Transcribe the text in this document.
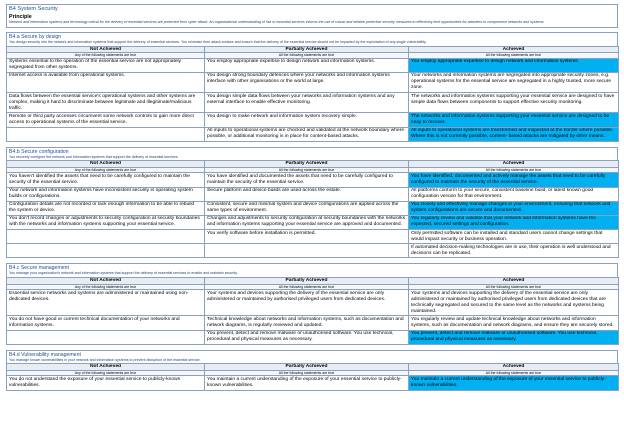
B4 System Security
Principle
Network and information systems and technology critical for the delivery of essential services are protected from cyber attack. An organisational understanding of risk to essential services informs the use of robust and reliable protective security measures to effectively limit opportunities for attackers to compromise networks and systems.
B4.a Secure by design
You design security into the network and information systems that support the delivery of essential services. You minimise their attack surface and ensure that the delivery of the essential service should not be impacted by the exploitation of any single vulnerability.
Not Achieved	Partially Achieved	Achieved
Any of the following statements are true	All the following statements are true	All the following statements are true
Systems essential to the operation of the essential service are not appropriately segregated from other systems.	You employ appropriate expertise to design network and information systems.	You employ appropriate expertise to design network and information systems.
Internet access is available from operational systems.	You design strong boundary defences where your networks and information systems interface with other organisations or the world at large.	Your networks and information systems are segregated into appropriate security zones, e.g. operational systems for the essential service are segregated in a highly trusted, more secure zone.
Data flows between the essential service's operational systems and other systems are complex, making it hard to discriminate between legitimate and illegitimate/malicious traffic.	You design simple data flows between your networks and information systems and any external interface to enable effective monitoring.	The networks and information systems supporting your essential service are designed to have simple data flows between components to support effective security monitoring.
Remote or third party accesses circumvent some network controls to gain more direct access to operational systems of the essential service.	You design to make network and information system recovery simple.	The networks and information systems supporting your essential service are designed to be easy to recover.
	All inputs to operational systems are checked and validated at the network boundary where possible, or additional monitoring is in place for content-based attacks.	All inputs to operational systems are transformed and inspected at the border where possible. Where this is not currently possible, content- based attacks are mitigated by other means.
B4.b Secure configuration
You securely configure the network and information systems that support the delivery of essential services.
Not Achieved	Partially Achieved	Achieved
Any of the following statements are true	All the following statements are true	All the following statements are true
You haven't identified the assets that need to be carefully configured to maintain the security of the essential service.	You have identified and documented the assets that need to be carefully configured to maintain the security of the essential service.	You have identified, documented and actively manage the assets that need to be carefully configured to maintain the security of the essential service.
Your network and information systems have inconsistent security in operating system builds or configurations.	Secure platform and device builds are used across the estate.	All platforms conform to your secure, consistent baseline build, or latest known good configuration version for that environment.
Configuration details are not recorded or lack enough information to be able to rebuild the system or device.	Consistent, secure and minimal system and device configurations are applied across the same types of environment.	You closely and effectively manage changes in your environment, ensuring that network and system configurations are secure and documented.
You don't record changes or adjustments to security configuration at security boundaries with the networks and information systems supporting your essential service.	Changes and adjustments to security configuration at security boundaries with the networks and information systems supporting your essential service are approved and documented.	You regularly review and validate that your network and information systems have the expected, secured settings and configuration.
	You verify software before installation is permitted.	Only permitted software can be installed and standard users cannot change settings that would impact security or business operation.
		If automated decision-making technologies are in use, their operation is well understood and decisions can be replicated.
B4.c Secure management
You manage your organisation's network and information systems that support the delivery of essential services to enable and maintain security.
Not Achieved	Partially Achieved	Achieved
Any of the following statements are true	All the following statements are true	All the following statements are true
Essential service networks and systems are administered or maintained using non-dedicated devices.	Your systems and devices supporting the delivery of the essential service are only administered or maintained by authorised privileged users from dedicated devices.	Your systems and devices supporting the delivery of the essential service are only administered or maintained by authorised privileged users from dedicated devices that are technically segregated and secured to the same level as the networks and systems being maintained.
You do not have good or current technical documentation of your networks and information systems.	Technical knowledge about networks and information systems, such as documentation and network diagrams, is regularly reviewed and updated.	You regularly review and update technical knowledge about networks and information systems, such as documentation and network diagrams, and ensure they are securely stored.
	You prevent, detect and remove malware or unauthorised software. You use technical, procedural and physical measures as necessary.	You prevent, detect and remove malware or unauthorised software. You use technical, procedural and physical measures as necessary.
B4.d Vulnerability management
You manage known vulnerabilities in your network and information systems to prevent disruption of the essential service.
Not Achieved	Partially Achieved	Achieved
Any of the following statements are true	All the following statements are true	All the following statements are true
You do not understand the exposure of your essential service to publicly-known vulnerabilities.	You maintain a current understanding of the exposure of your essential service to publicly-known vulnerabilities.	You maintain a current understanding of the exposure of your essential service to publicly-known vulnerabilities.
